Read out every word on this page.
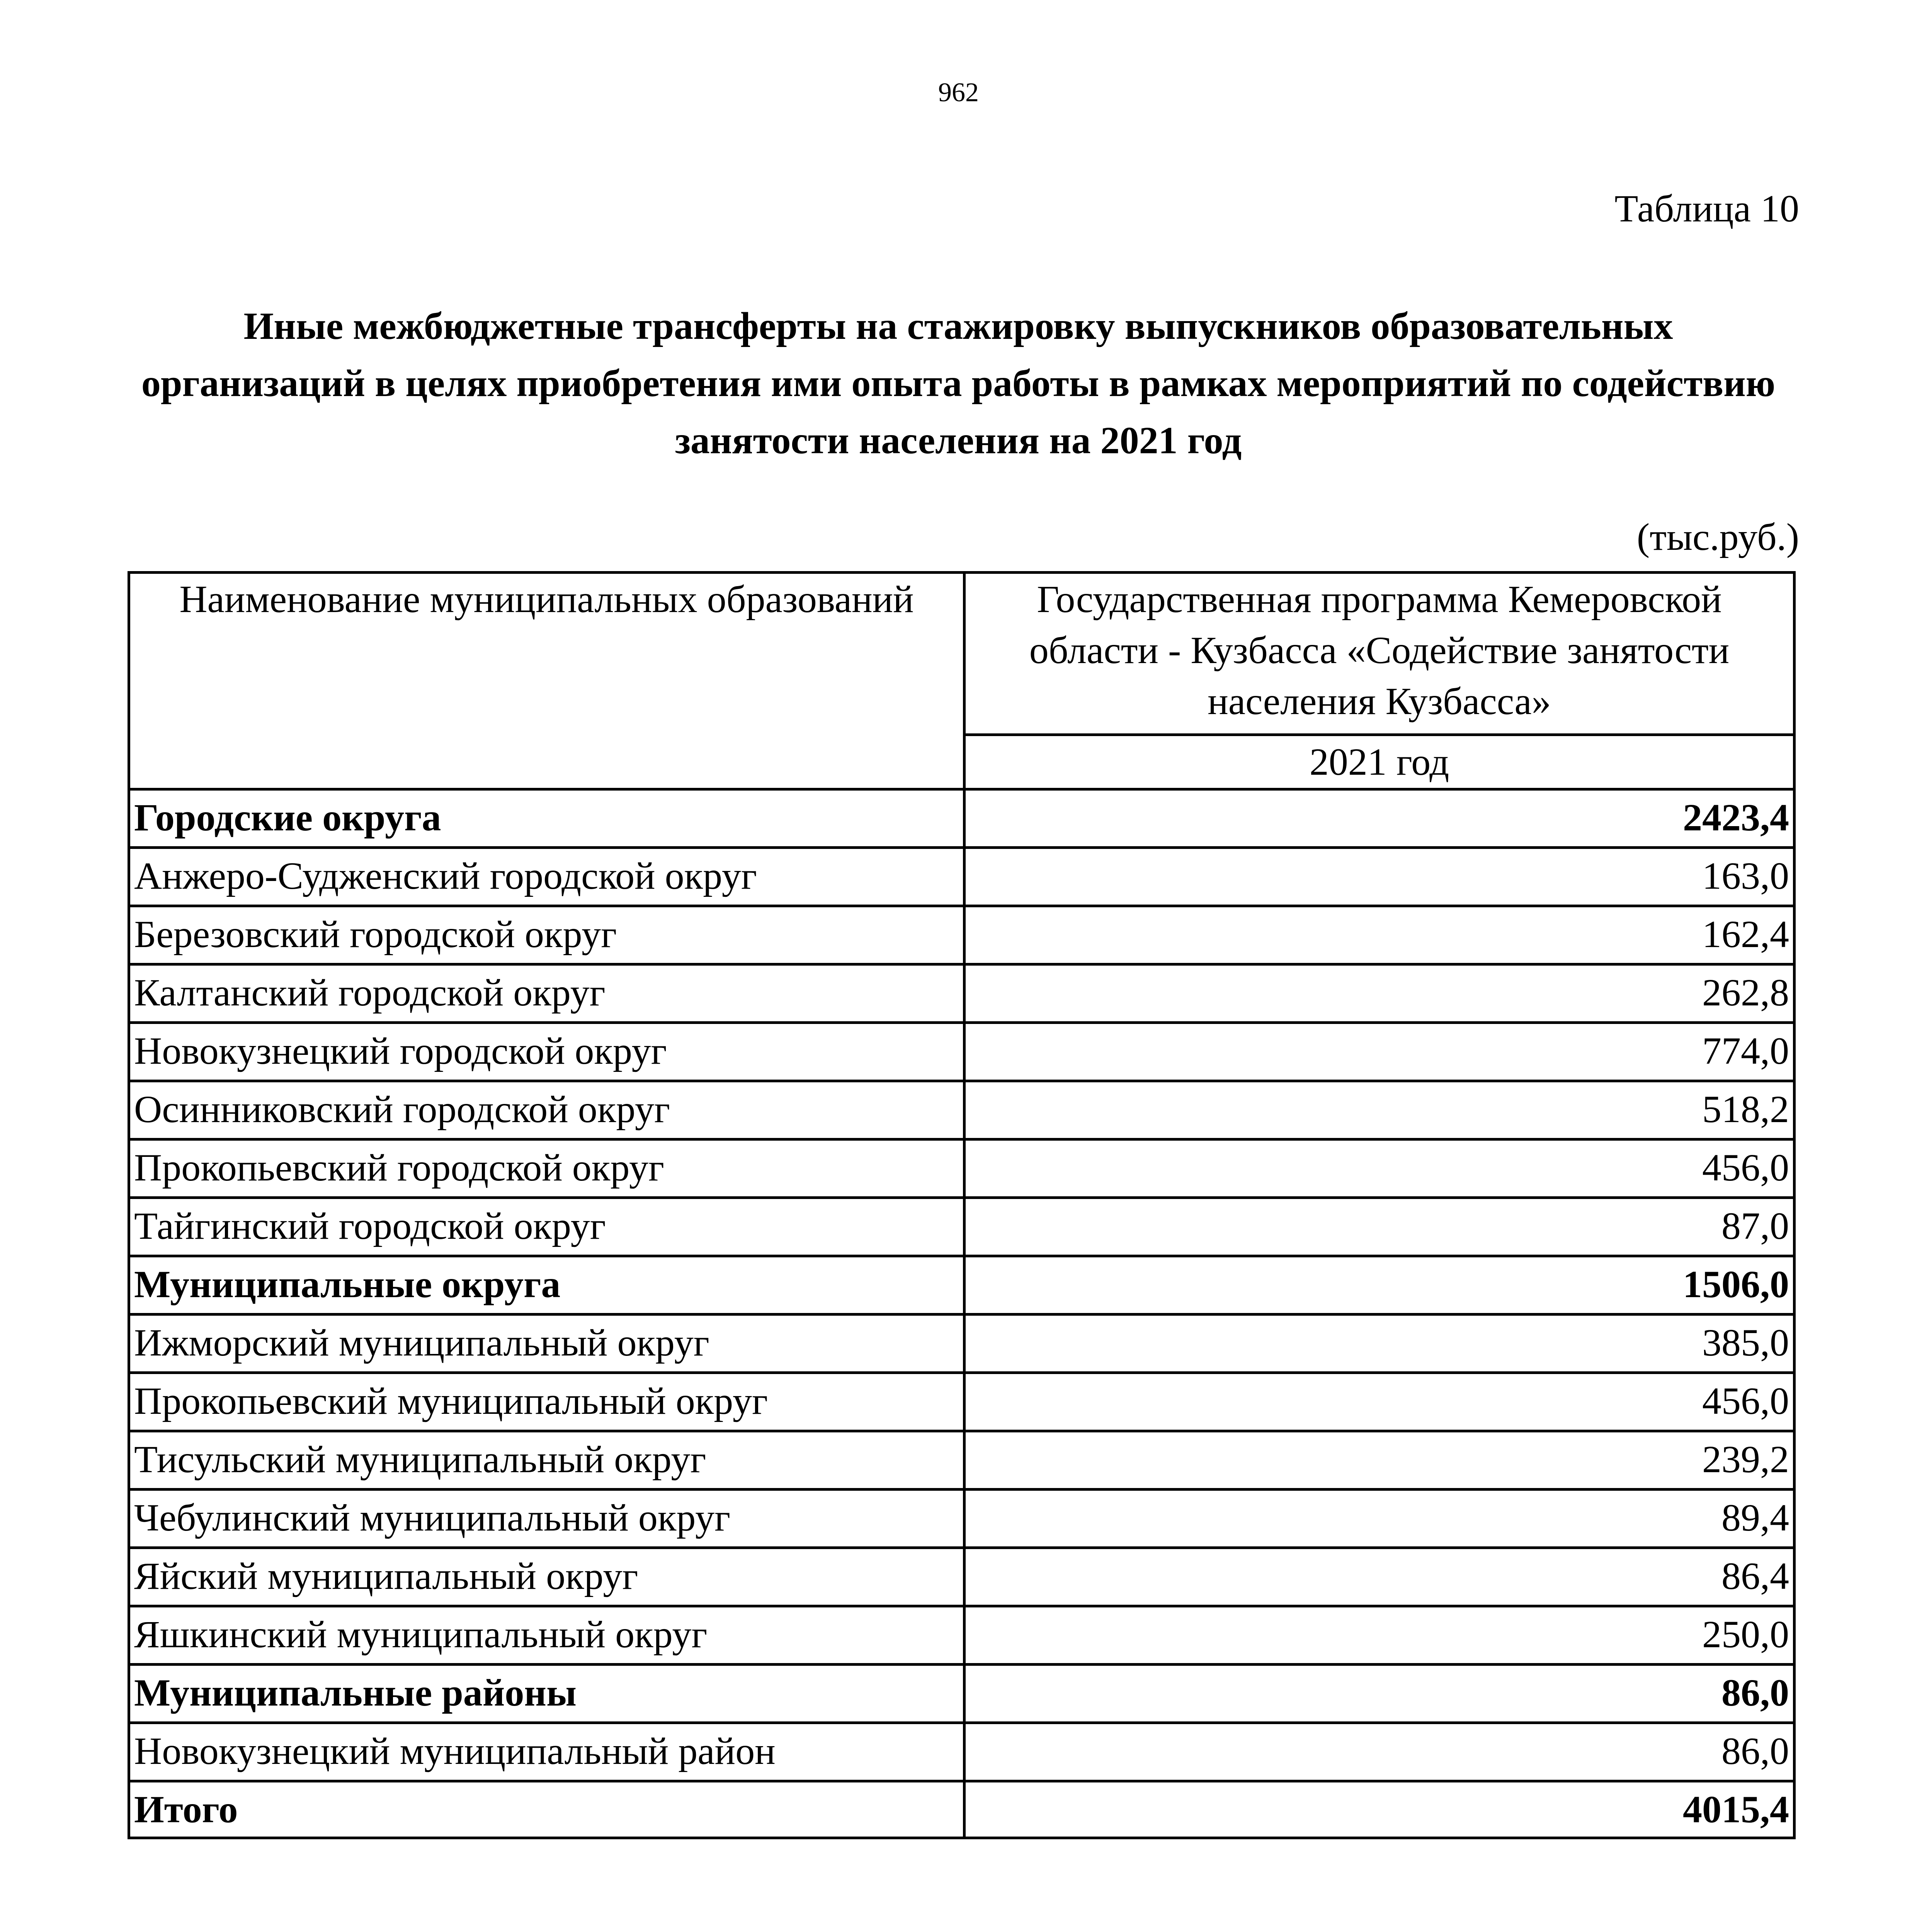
962
Таблица 10
Иные межбюджетные трансферты на стажировку выпускников образовательных организаций в целях приобретения ими опыта работы в рамках мероприятий по содействию занятости населения на 2021 год
(тыс.руб.)
Наименование муниципальных образований	Государственная программа Кемеровской области - Кузбасса «Содействие занятости населения Кузбасса»
	2021 год
Городские округа	2423,4
Анжеро-Судженский городской округ	163,0
Березовский городской округ	162,4
Калтанский городской округ	262,8
Новокузнецкий городской округ	774,0
Осинниковский городской округ	518,2
Прокопьевский городской округ	456,0
Тайгинский городской округ	87,0
Муниципальные округа	1506,0
Ижморский муниципальный округ	385,0
Прокопьевский муниципальный округ	456,0
Тисульский муниципальный округ	239,2
Чебулинский муниципальный округ	89,4
Яйский муниципальный округ	86,4
Яшкинский муниципальный округ	250,0
Муниципальные районы	86,0
Новокузнецкий муниципальный район	86,0
Итого	4015,4
